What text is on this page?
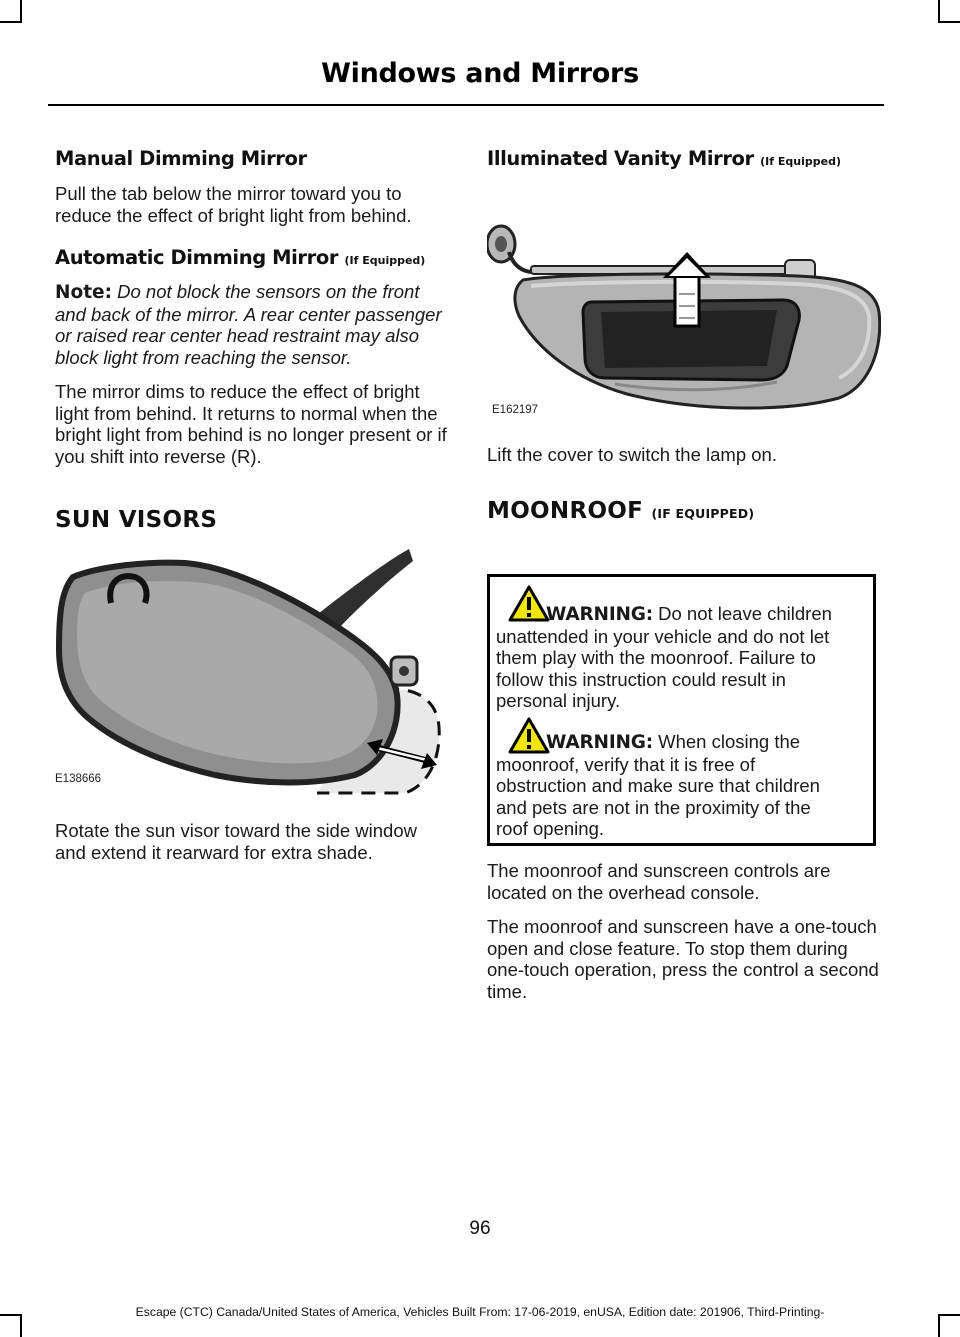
Windows and Mirrors
Manual Dimming Mirror

Pull the tab below the mirror toward you to reduce the effect of bright light from behind.

Automatic Dimming Mirror (If Equipped)

Note: Do not block the sensors on the front and back of the mirror. A rear center passenger or raised rear center head restraint may also block light from reaching the sensor.

The mirror dims to reduce the effect of bright light from behind. It returns to normal when the bright light from behind is no longer present or if you shift into reverse (R).

SUN VISORS
E138666

Rotate the sun visor toward the side window and extend it rearward for extra shade.

Illuminated Vanity Mirror (If Equipped)
E162197

Lift the cover to switch the lamp on.

MOONROOF (IF EQUIPPED)

WARNING: Do not leave children unattended in your vehicle and do not let them play with the moonroof. Failure to follow this instruction could result in personal injury.

WARNING: When closing the moonroof, verify that it is free of obstruction and make sure that children and pets are not in the proximity of the roof opening.

The moonroof and sunscreen controls are located on the overhead console.

The moonroof and sunscreen have a one-touch open and close feature. To stop them during one-touch operation, press the control a second time.

96
Escape (CTC) Canada/United States of America, Vehicles Built From: 17-06-2019, enUSA, Edition date: 201906, Third-Printing-
